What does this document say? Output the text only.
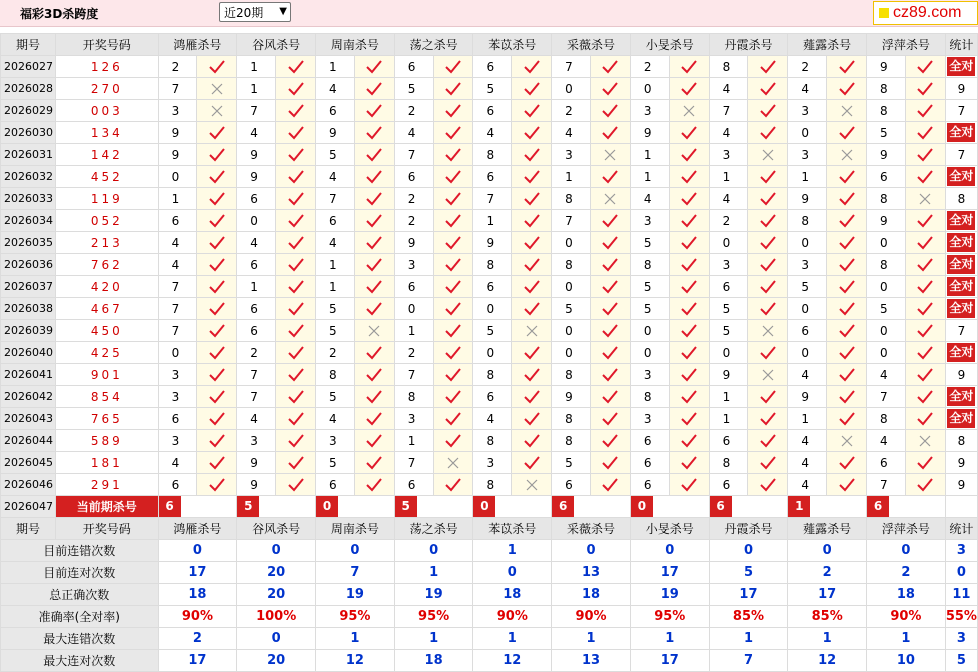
福彩3D杀跨度	近20期 ▼	cz89.com
期号	开奖号码	鸿雁杀号		谷风杀号		周南杀号		荡之杀号		苯苡杀号		采薇杀号		小旻杀号		丹霞杀号		薤露杀号		浮萍杀号		统计
2026027	126	2		1		1		6		6		7		2		8		2		9		全对
2026028	270	7		1		4		5		5		0		0		4		4		8		9
2026029	003	3		7		6		2		6		2		3		7		3		8		7
2026030	134	9		4		9		4		4		4		9		4		0		5		全对
2026031	142	9		9		5		7		8		3		1		3		3		9		7
2026032	452	0		9		4		6		6		1		1		1		1		6		全对
2026033	119	1		6		7		2		7		8		4		4		9		8		8
2026034	052	6		0		6		2		1		7		3		2		8		9		全对
2026035	213	4		4		4		9		9		0		5		0		0		0		全对
2026036	762	4		6		1		3		8		8		8		3		3		8		全对
2026037	420	7		1		1		6		6		0		5		6		5		0		全对
2026038	467	7		6		5		0		0		5		5		5		0		5		全对
2026039	450	7		6		5		1		5		0		0		5		6		0		7
2026040	425	0		2		2		2		0		0		0		0		0		0		全对
2026041	901	3		7		8		7		8		8		3		9		4		4		9
2026042	854	3		7		5		8		6		9		8		1		9		7		全对
2026043	765	6		4		4		3		4		8		3		1		1		8		全对
2026044	589	3		3		3		1		8		8		6		6		4		4		8
2026045	181	4		9		5		7		3		5		6		8		4		6		9
2026046	291	6		9		6		6		8		6		6		6		4		7		9
2026047	当前期杀号	6		5		0		5		0		6		0		6		1		6		

期号	开奖号码	鸿雁杀号		谷风杀号		周南杀号		荡之杀号		苯苡杀号		采薇杀号		小旻杀号		丹霞杀号		薤露杀号		浮萍杀号		统计
目前连错次数		0		0		0		0		1		0		0		0		0		0		3
目前连对次数		17		20		7		1		0		13		17		5		2		2		0
总正确次数		18		20		19		19		18		18		19		17		17		18		11
准确率(全对率)		90%		100%		95%		95%		90%		90%		95%		85%		85%		90%		55%
最大连错次数		2		0		1		1		1		1		1		1		1		1		3
最大连对次数		17		20		12		18		12		13		17		7		12		10		5
